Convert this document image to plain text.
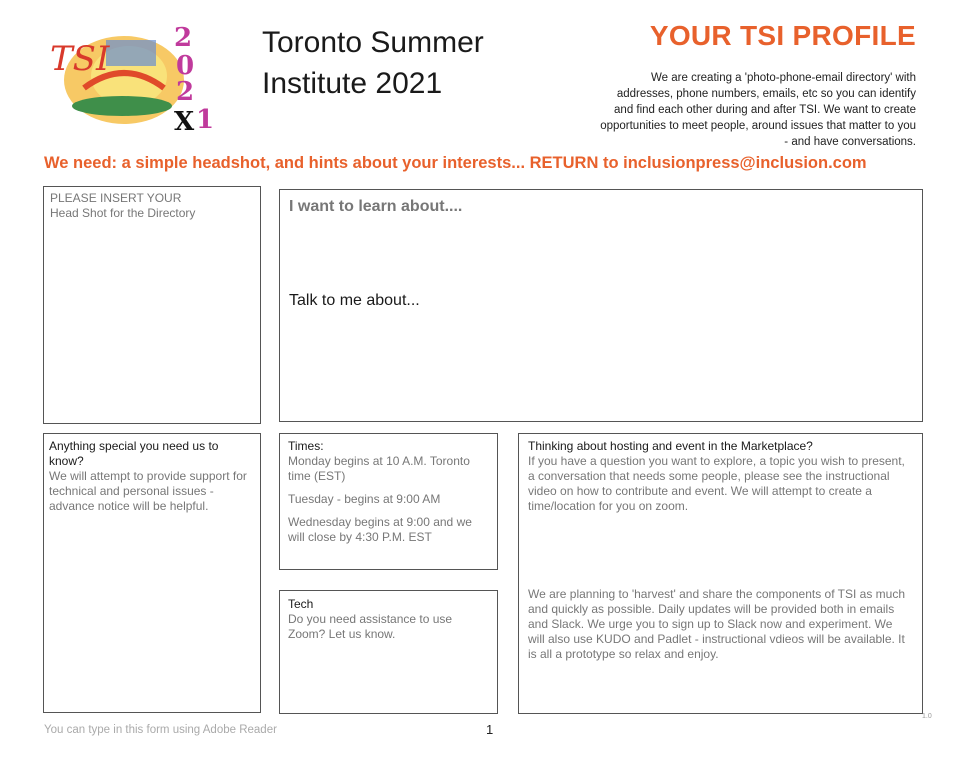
TSI
2
0
2
X 1
Toronto Summer
Institute 2021
YOUR TSI PROFILE
We are creating a 'photo-phone-email directory' with addresses, phone numbers, emails, etc so you can identify and find each other during and after TSI. We want to create opportunities to meet people, around issues that matter to you - and have conversations.
We need: a simple headshot, and hints about your interests... RETURN to inclusionpress@inclusion.com
PLEASE INSERT YOUR
Head Shot for the Directory	I want to learn about....
Talk to me about...
Anything special you need us to know?
We will attempt to provide support for technical and personal issues - advance notice will be helpful.
Times:
Monday begins at 10 A.M. Toronto time (EST)
Tuesday - begins at 9:00 AM
Wednesday begins at 9:00 and we will close by 4:30 P.M. EST
Tech
Do you need assistance to use Zoom? Let us know.
Thinking about hosting and event in the Marketplace?
If you have a question you want to explore, a topic you wish to present, a conversation that needs some people, please see the instructional video on how to contribute and event. We will attempt to create a time/location for you on zoom.
We are planning to 'harvest' and share the components of TSI as much and quickly as possible. Daily updates will be provided both in emails and Slack. We urge you to sign up to Slack now and experiment. We will also use KUDO and Padlet - instructional vdieos will be available. It is all a prototype so relax and enjoy.
You can type in this form using Adobe Reader	1
1.0
